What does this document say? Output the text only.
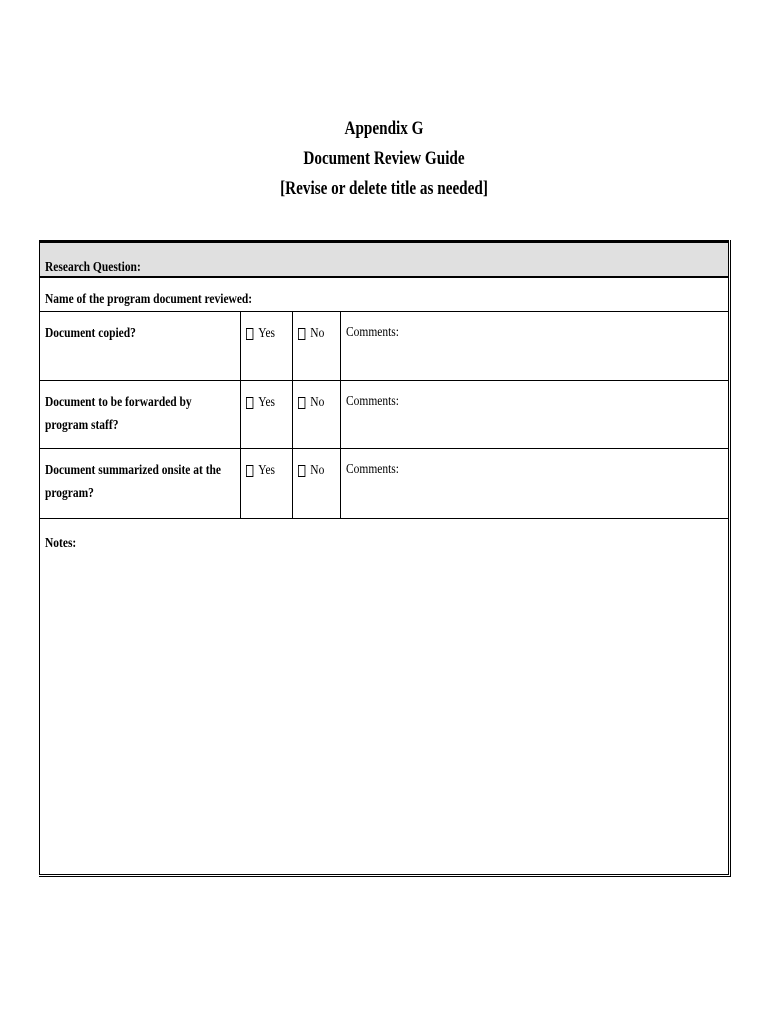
Appendix G
Document Review Guide
[Revise or delete title as needed]
Research Question:
Name of the program document reviewed:
Document copied?	Yes	No Comments:
Document to be forwarded by
program staff?
Yes	No Comments:
Document summarized onsite at the
program?
Yes	No Comments:
Notes:
